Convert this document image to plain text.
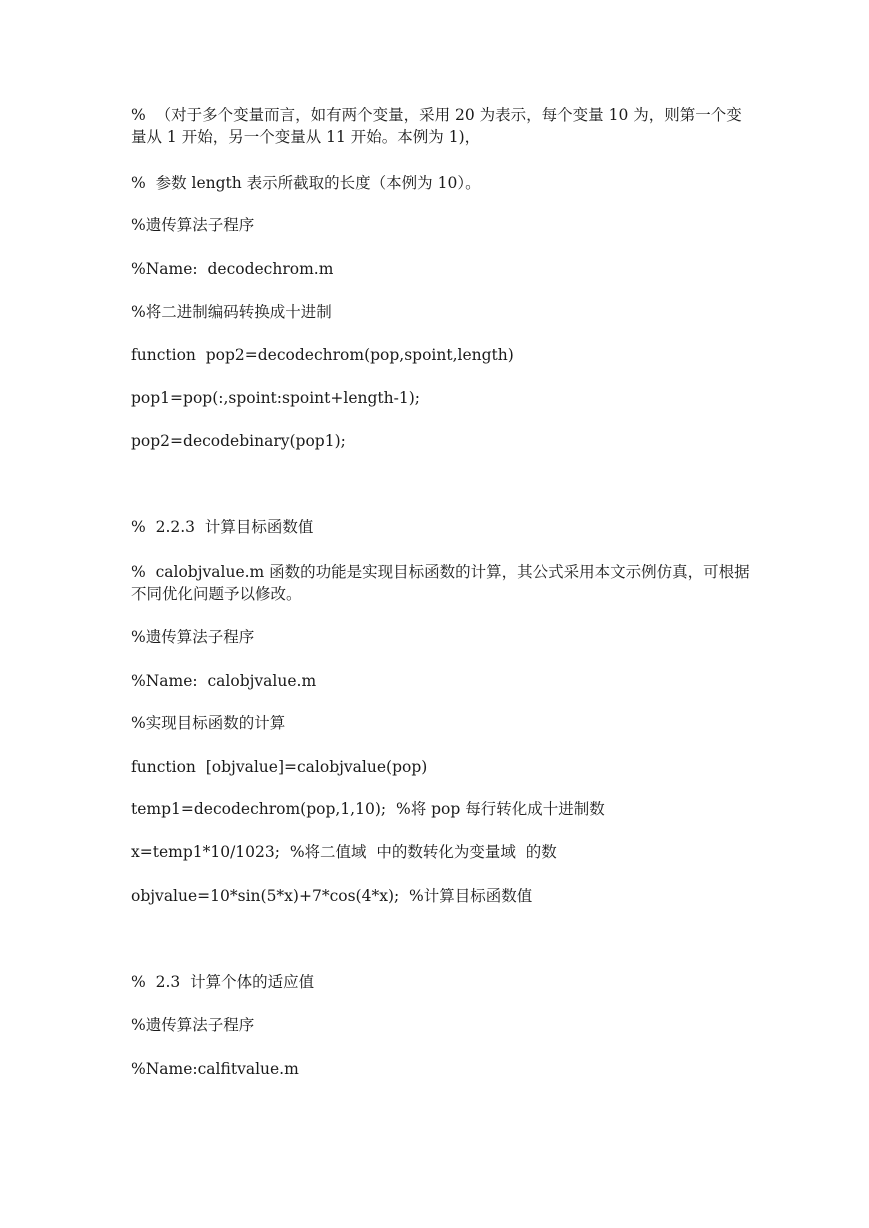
%  （对于多个变量而言，如有两个变量，采用 20 为表示，每个变量 10 为，则第一个变量从 1 开始，另一个变量从 11 开始。本例为 1)，
%  参数 length 表示所截取的长度（本例为 10）。
%遗传算法子程序
%Name:  decodechrom.m
%将二进制编码转换成十进制
function  pop2=decodechrom(pop,spoint,length)
pop1=pop(:,spoint:spoint+length-1);
pop2=decodebinary(pop1);
%  2.2.3  计算目标函数值
%  calobjvalue.m 函数的功能是实现目标函数的计算，其公式采用本文示例仿真，可根据不同优化问题予以修改。
%遗传算法子程序
%Name:  calobjvalue.m
%实现目标函数的计算
function  [objvalue]=calobjvalue(pop)
temp1=decodechrom(pop,1,10);  %将 pop 每行转化成十进制数
x=temp1*10/1023;  %将二值域  中的数转化为变量域  的数
objvalue=10*sin(5*x)+7*cos(4*x);  %计算目标函数值
%  2.3  计算个体的适应值
%遗传算法子程序
%Name:calfitvalue.m
